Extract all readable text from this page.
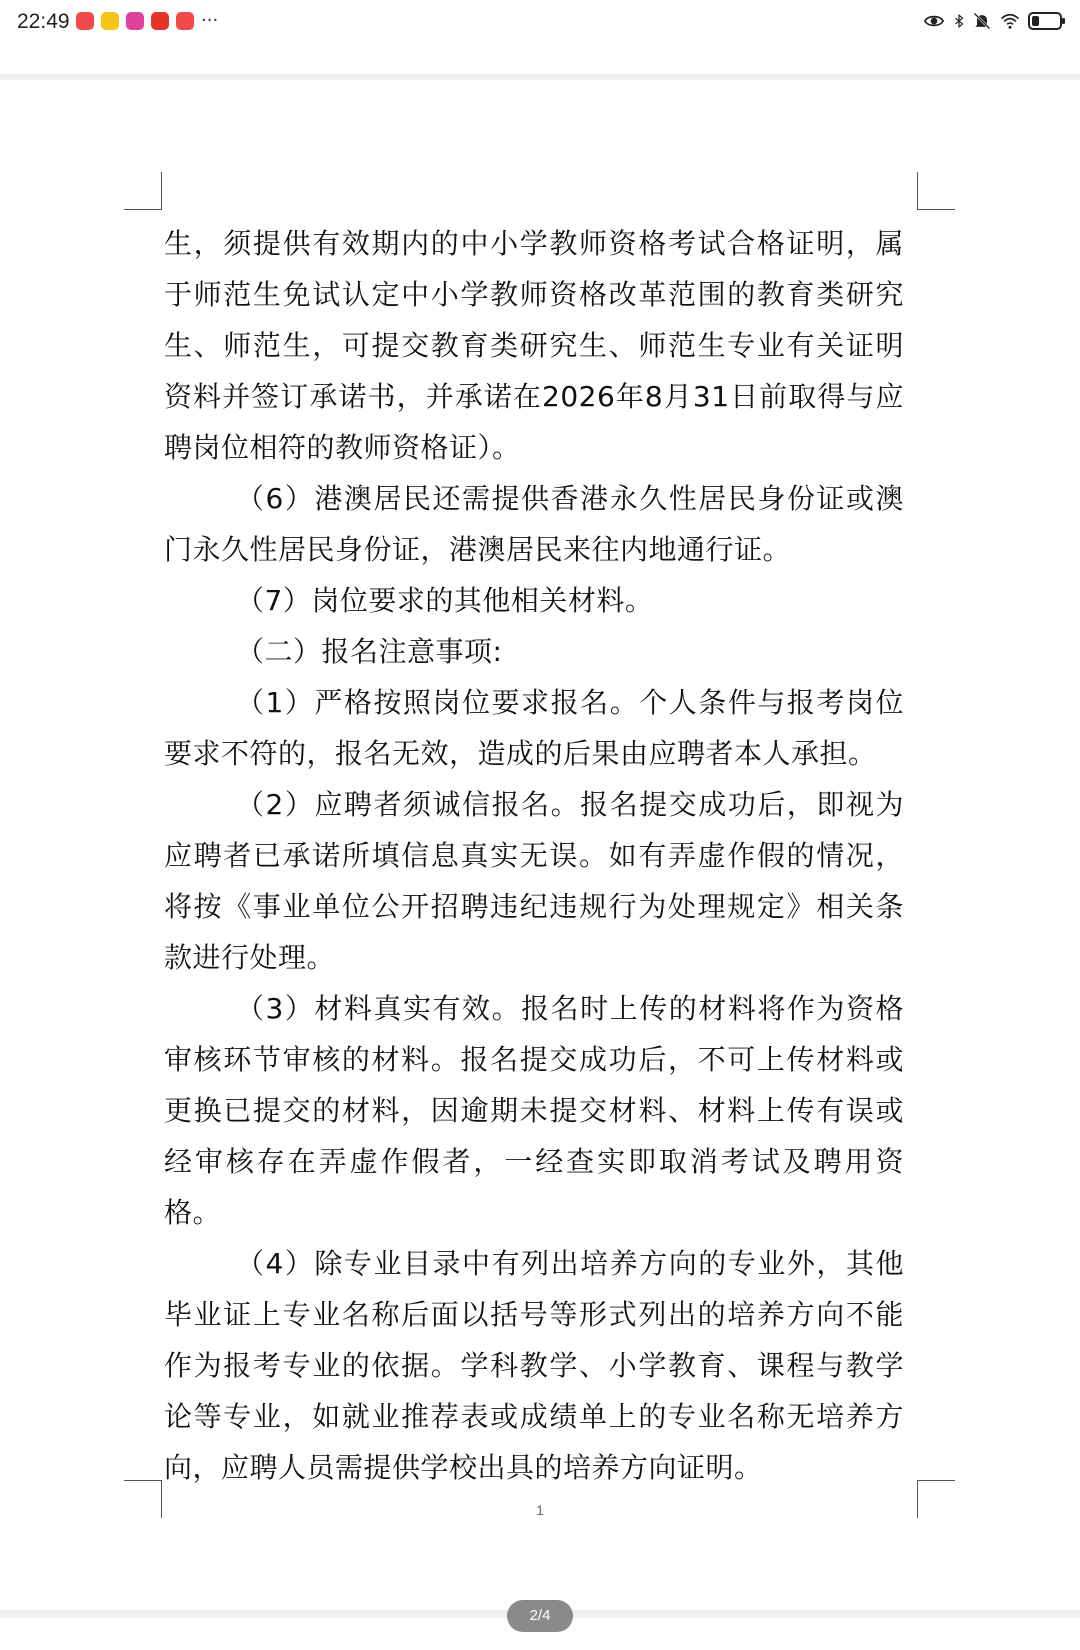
22:49	···

生，须提供有效期内的中小学教师资格考试合格证明，属于师范生免试认定中小学教师资格改革范围的教育类研究生、师范生，可提交教育类研究生、师范生专业有关证明资料并签订承诺书，并承诺在2026年8月31日前取得与应聘岗位相符的教师资格证）。

（6）港澳居民还需提供香港永久性居民身份证或澳门永久性居民身份证，港澳居民来往内地通行证。

（7）岗位要求的其他相关材料。

（二）报名注意事项:

（1）严格按照岗位要求报名。个人条件与报考岗位要求不符的，报名无效，造成的后果由应聘者本人承担。

（2）应聘者须诚信报名。报名提交成功后，即视为应聘者已承诺所填信息真实无误。如有弄虚作假的情况，将按《事业单位公开招聘违纪违规行为处理规定》相关条款进行处理。

（3）材料真实有效。报名时上传的材料将作为资格审核环节审核的材料。报名提交成功后，不可上传材料或更换已提交的材料，因逾期未提交材料、材料上传有误或经审核存在弄虚作假者，一经查实即取消考试及聘用资格。

（4）除专业目录中有列出培养方向的专业外，其他毕业证上专业名称后面以括号等形式列出的培养方向不能作为报考专业的依据。学科教学、小学教育、课程与教学论等专业，如就业推荐表或成绩单上的专业名称无培养方向，应聘人员需提供学校出具的培养方向证明。

1
2/4
